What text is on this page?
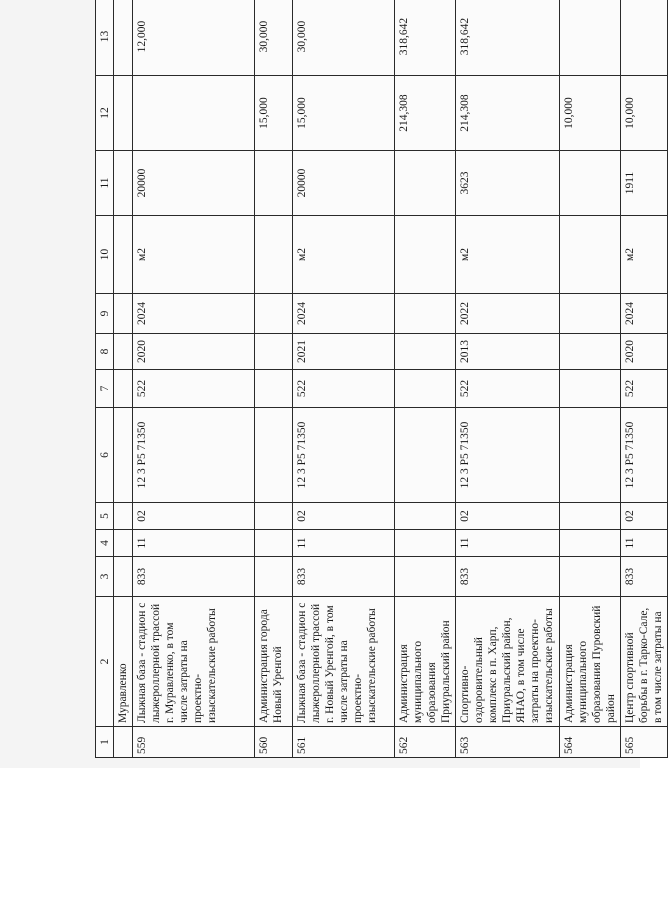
1	2	3	4	5	6	7	8	9	10	11	12	13
	Муравленко											
559	Лыжная база - стадион с лыжероллерной трассой г. Муравленко, в том числе затраты на проектно-изыскательские работы	833	11	02	12 3 Р5 71350	522	2020	2024	м2	20000		12,000
560	Администрация города Новый Уренгой										15,000	30,000
561	Лыжная база - стадион с лыжероллерной трассой г. Новый Уренгой, в том числе затраты на проектно-изыскательские работы	833	11	02	12 3 Р5 71350	522	2021	2024	м2	20000	15,000	30,000
562	Администрация муниципального образования Приуральский район										214,308	318,642
563	Спортивно-оздоровительный комплекс в п. Харп, Приуральский район, ЯНАО, в том числе затраты на проектно-изыскательские работы	833	11	02	12 3 Р5 71350	522	2013	2022	м2	3623	214,308	318,642
564	Администрация муниципального образования Пуровский район										10,000	
565	Центр спортивной борьбы в г. Тарко-Сале, в том числе затраты на	833	11	02	12 3 Р5 71350	522	2020	2024	м2	1911	10,000	
